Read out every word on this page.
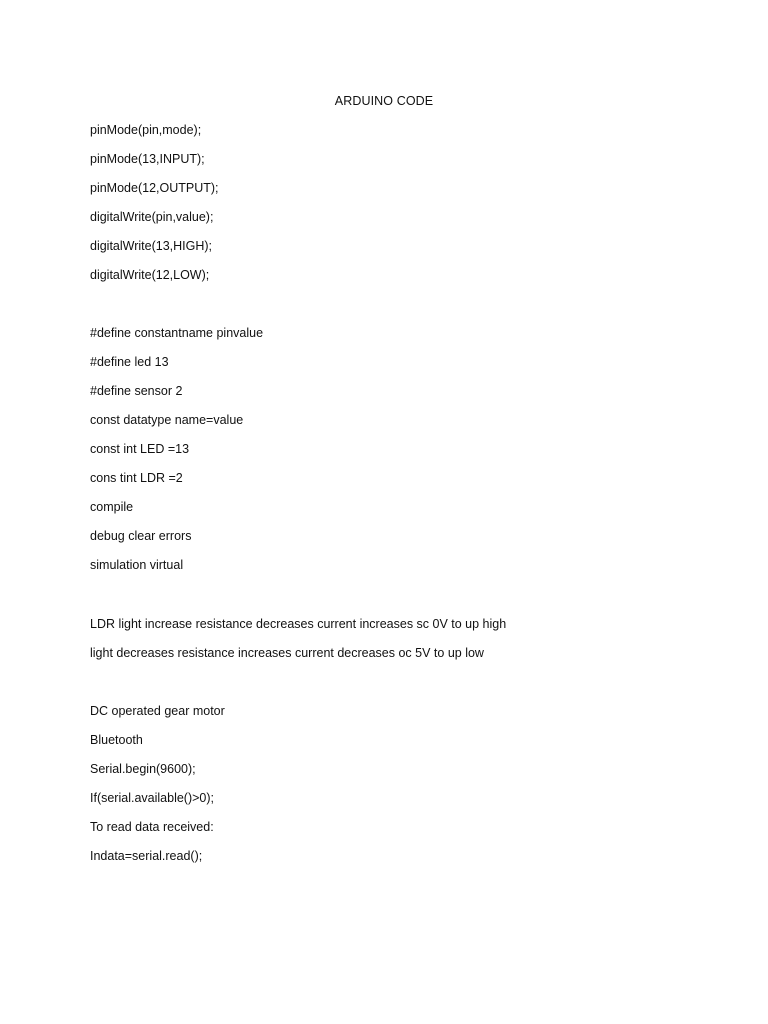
ARDUINO CODE
pinMode(pin,mode);
pinMode(13,INPUT);
pinMode(12,OUTPUT);
digitalWrite(pin,value);
digitalWrite(13,HIGH);
digitalWrite(12,LOW);
#define constantname pinvalue
#define led 13
#define sensor 2
const datatype name=value
const int LED =13
cons tint LDR =2
compile
debug clear errors
simulation virtual
LDR light increase resistance decreases current increases sc 0V to up high
light decreases resistance increases current decreases oc 5V to up low
DC operated gear motor
Bluetooth
Serial.begin(9600);
If(serial.available()>0);
To read data received:
Indata=serial.read();
